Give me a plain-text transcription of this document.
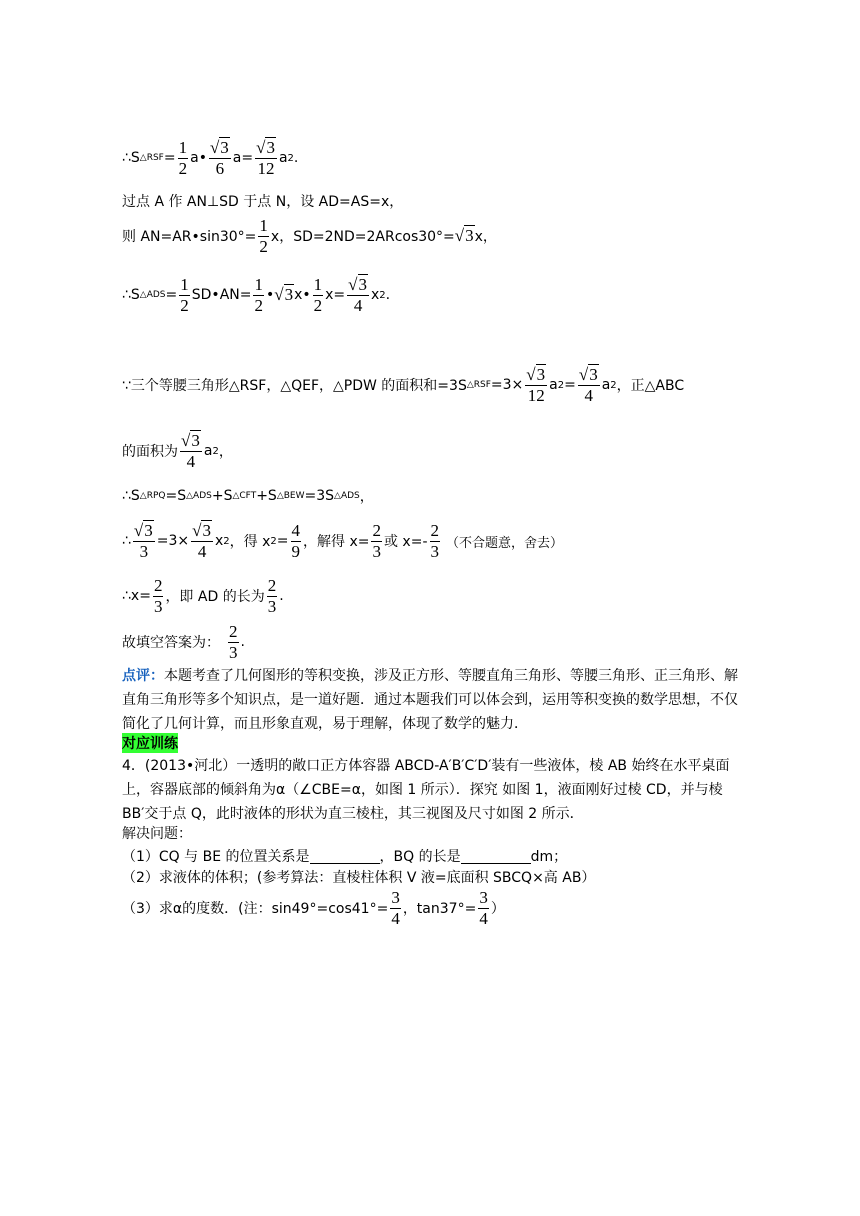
∴S △RSF = $\frac{1}{2}$ a• $\frac{√3}{6} a= \frac{√3}{12}$ a 2 .
过点 A 作 AN⊥SD 于点 N，设 AD=AS=x，
则 AN=AR•sin30°= $\frac{1}{2}$ x，SD=2ND=2ARcos30°= √3 x，
∴S △ADS = $\frac{1}{2}$ SD•AN= $\frac{1}{2}$ • √3 x• $\frac{1}{2} x= \frac{√3}{4}$ x 2 .
∵三个等腰三角形△RSF，△QEF，△PDW 的面积和=3S △RSF $=3\times \frac{√3}{12}$ a $2 = \frac{√3}{4}$ a 2 ，正△ABC
的面积为 $\frac{√3}{4}$ a 2 ，
∴S △RPQ =S △ADS +S △CFT +S △BEW =3S △ADS ，
∴ $\frac{√3}{3} =3\times \frac{√3}{4}$ x 2 ，得 x $2 = \frac{4}{9}$ ，解得 $x= \frac{2}{3}$ 或 $x=- \frac{2}{3}$ （不合题意，舍去）
∴x= $\frac{2}{3}$ ，即 AD 的长为 $\frac{2}{3}$ .
故填空答案为： $\frac{2}{3}$ .
点评：本题考查了几何图形的等积变换，涉及正方形、等腰直角三角形、等腰三角形、正三角形、解直角三角形等多个知识点，是一道好题．通过本题我们可以体会到，运用等积变换的数学思想，不仅简化了几何计算，而且形象直观，易于理解，体现了数学的魅力．
对应训练
4．(2013•河北）一透明的敞口正方体容器 ABCD-A′B′C′D′装有一些液体，棱 AB 始终在水平桌面上，容器底部的倾斜角为α（∠CBE=α，如图 1 所示）．探究 如图 1，液面刚好过棱 CD，并与棱 BB′交于点 Q，此时液体的形状为直三棱柱，其三视图及尺寸如图 2 所示．
解决问题：
（1）CQ 与 BE 的位置关系是	，BQ 的长是	dm；
（2）求液体的体积；(参考算法：直棱柱体积 V 液=底面积 SBCQ×高 AB）
（3）求α的度数．(注：$\sin 49^\circ=\cos 41^\circ= \frac{3}{4}$ ，$\tan 37^\circ= \frac{3}{4}$ ）
